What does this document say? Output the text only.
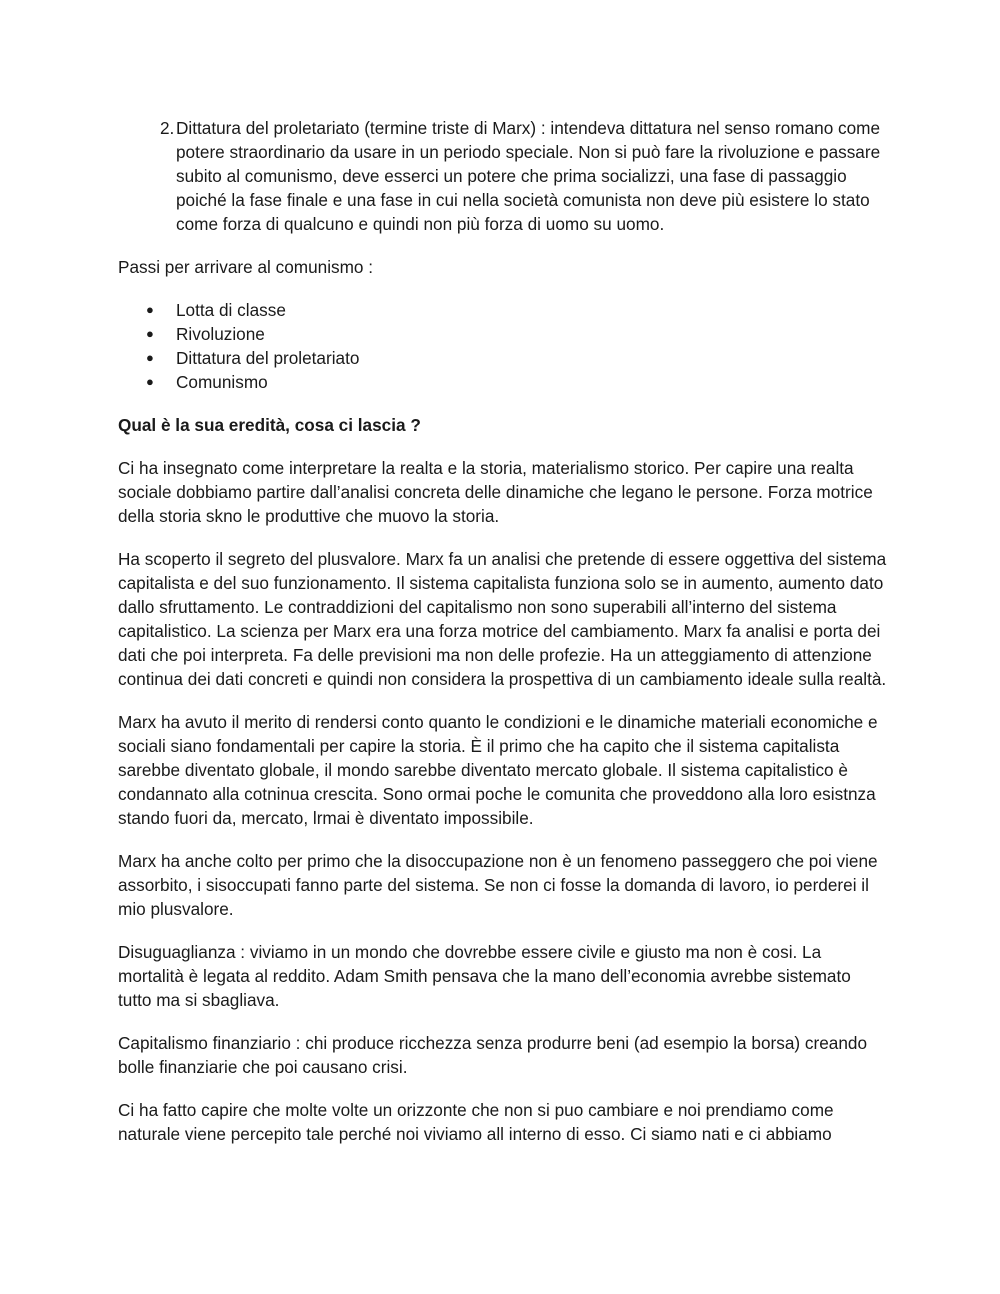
2. Dittatura del proletariato (termine triste di Marx) : intendeva dittatura nel senso romano come potere straordinario da usare in un periodo speciale. Non si può fare la rivoluzione e passare subito al comunismo, deve esserci un potere che prima socializzi, una fase di passaggio poiché la fase finale e una fase in cui nella società comunista non deve più esistere lo stato come forza di qualcuno e quindi non più forza di uomo su uomo.

Passi per arrivare al comunismo :

●	Lotta di classe
●	Rivoluzione
●	Dittatura del proletariato
●	Comunismo

Qual è la sua eredità, cosa ci lascia ?

Ci ha insegnato come interpretare la realta e la storia, materialismo storico. Per capire una realta sociale dobbiamo partire dall’analisi concreta delle dinamiche che legano le persone. Forza motrice della storia skno le produttive che muovo la storia.

Ha scoperto il segreto del plusvalore. Marx fa un analisi che pretende di essere oggettiva del sistema capitalista e del suo funzionamento. Il sistema capitalista funziona solo se in aumento, aumento dato dallo sfruttamento. Le contraddizioni del capitalismo non sono superabili all’interno del sistema capitalistico. La scienza per Marx era una forza motrice del cambiamento. Marx fa analisi e porta dei dati che poi interpreta. Fa delle previsioni ma non delle profezie. Ha un atteggiamento di attenzione continua dei dati concreti e quindi non considera la prospettiva di un cambiamento ideale sulla realtà.

Marx ha avuto il merito di rendersi conto quanto le condizioni e le dinamiche materiali economiche e sociali siano fondamentali per capire la storia. È il primo che ha capito che il sistema capitalista sarebbe diventato globale, il mondo sarebbe diventato mercato globale. Il sistema capitalistico è condannato alla cotninua crescita. Sono ormai poche le comunita che proveddono alla loro esistnza stando fuori da, mercato, lrmai è diventato impossibile.

Marx ha anche colto per primo che la disoccupazione non è un fenomeno passeggero che poi viene assorbito, i sisoccupati fanno parte del sistema. Se non ci fosse la domanda di lavoro, io perderei il mio plusvalore.

Disuguaglianza : viviamo in un mondo che dovrebbe essere civile e giusto ma non è cosi. La mortalità è legata al reddito. Adam Smith pensava che la mano dell’economia avrebbe sistemato tutto ma si sbagliava.

Capitalismo finanziario : chi produce ricchezza senza produrre beni (ad esempio la borsa) creando bolle finanziarie che poi causano crisi.

Ci ha fatto capire che molte volte un orizzonte che non si puo cambiare e noi prendiamo come naturale viene percepito tale perché noi viviamo all interno di esso. Ci siamo nati e ci abbiamo
